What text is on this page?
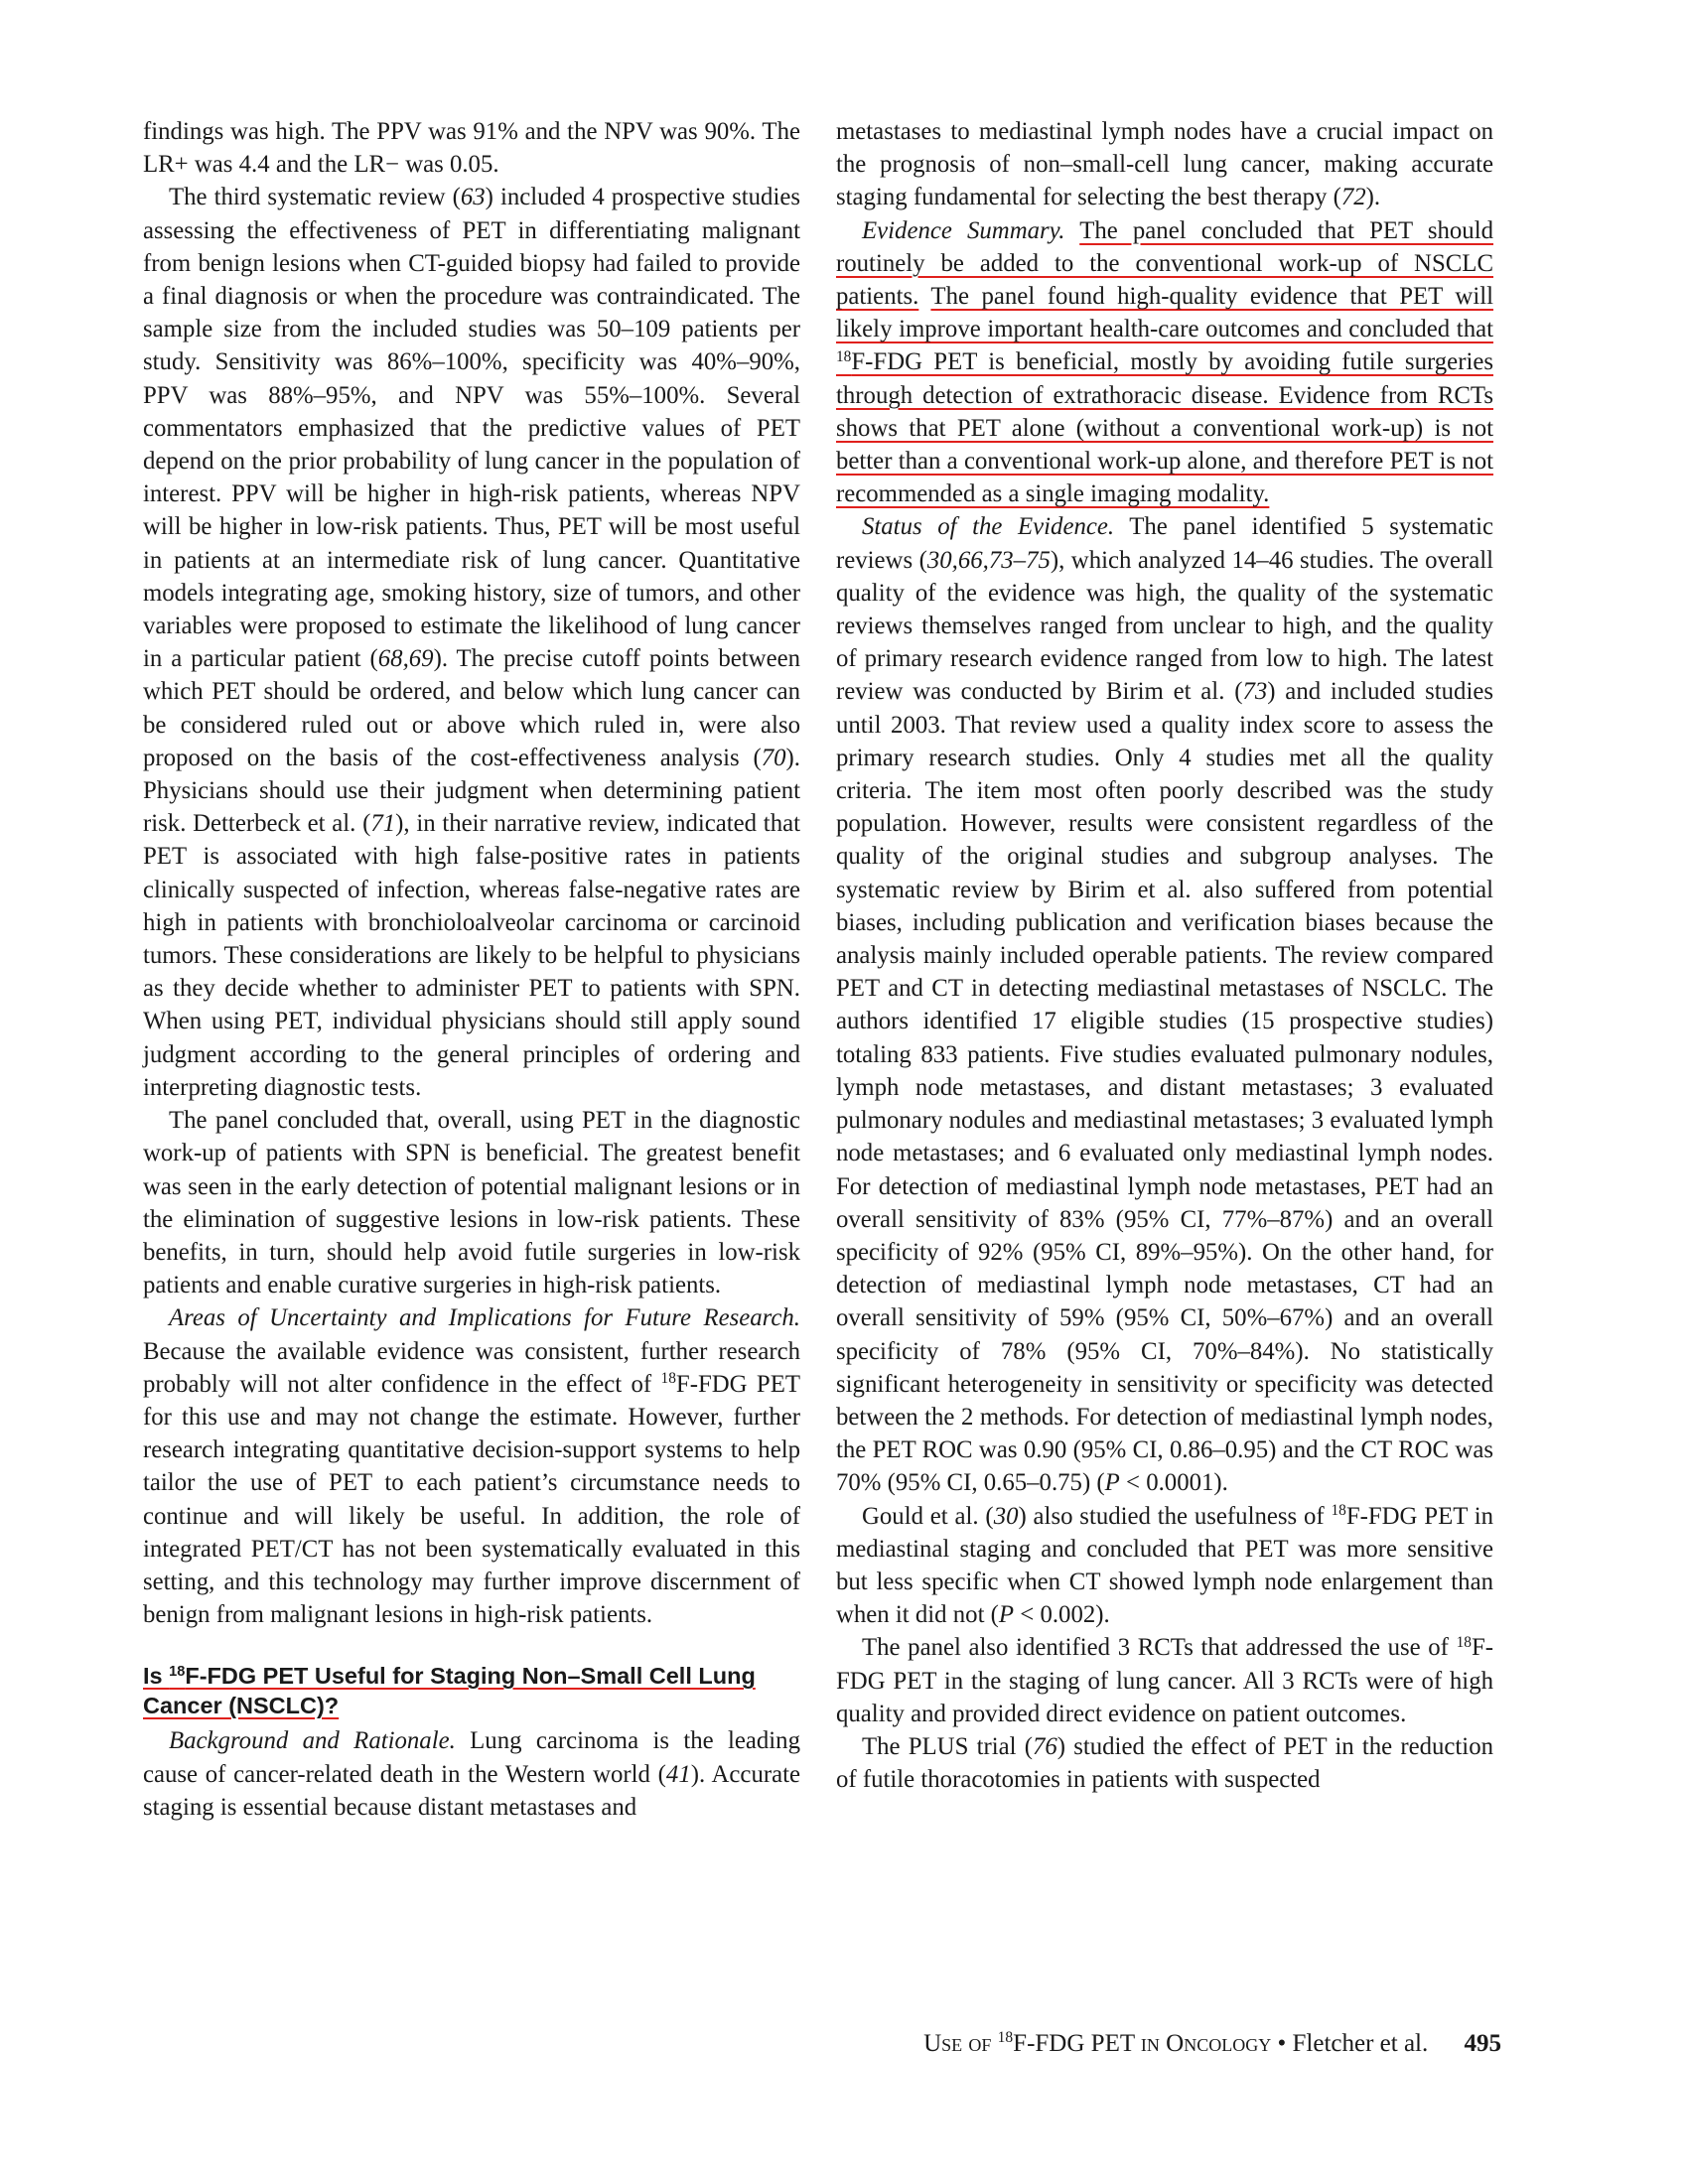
findings was high. The PPV was 91% and the NPV was 90%. The LR+ was 4.4 and the LR− was 0.05.

The third systematic review (63) included 4 prospective studies assessing the effectiveness of PET in differentiating malignant from benign lesions when CT-guided biopsy had failed to provide a final diagnosis or when the procedure was contraindicated. The sample size from the included studies was 50–109 patients per study. Sensitivity was 86%–100%, specificity was 40%–90%, PPV was 88%–95%, and NPV was 55%–100%. Several commentators emphasized that the predictive values of PET depend on the prior probability of lung cancer in the population of interest. PPV will be higher in high-risk patients, whereas NPV will be higher in low-risk patients. Thus, PET will be most useful in patients at an intermediate risk of lung cancer. Quantitative models integrating age, smoking history, size of tumors, and other variables were proposed to estimate the likelihood of lung cancer in a particular patient (68,69). The precise cutoff points between which PET should be ordered, and below which lung cancer can be considered ruled out or above which ruled in, were also proposed on the basis of the cost-effectiveness analysis (70). Physicians should use their judgment when determining patient risk. Detterbeck et al. (71), in their narrative review, indicated that PET is associated with high false-positive rates in patients clinically suspected of infection, whereas false-negative rates are high in patients with bronchioloalveolar carcinoma or carcinoid tumors. These considerations are likely to be helpful to physicians as they decide whether to administer PET to patients with SPN. When using PET, individual physicians should still apply sound judgment according to the general principles of ordering and interpreting diagnostic tests.

The panel concluded that, overall, using PET in the diagnostic work-up of patients with SPN is beneficial. The greatest benefit was seen in the early detection of potential malignant lesions or in the elimination of suggestive lesions in low-risk patients. These benefits, in turn, should help avoid futile surgeries in low-risk patients and enable curative surgeries in high-risk patients.

Areas of Uncertainty and Implications for Future Research. Because the available evidence was consistent, further research probably will not alter confidence in the effect of $^{18}$F-FDG PET for this use and may not change the estimate. However, further research integrating quantitative decision-support systems to help tailor the use of PET to each patient’s circumstance needs to continue and will likely be useful. In addition, the role of integrated PET/CT has not been systematically evaluated in this setting, and this technology may further improve discernment of benign from malignant lesions in high-risk patients.

Is $^{18}$F-FDG PET Useful for Staging Non–Small Cell Lung Cancer (NSCLC)?

Background and Rationale. Lung carcinoma is the leading cause of cancer-related death in the Western world (41). Accurate staging is essential because distant metastases and

metastases to mediastinal lymph nodes have a crucial impact on the prognosis of non–small-cell lung cancer, making accurate staging fundamental for selecting the best therapy (72).

Evidence Summary. The panel concluded that PET should routinely be added to the conventional work-up of NSCLC patients. The panel found high-quality evidence that PET will likely improve important health-care outcomes and concluded that $^{18}$F-FDG PET is beneficial, mostly by avoiding futile surgeries through detection of extrathoracic disease. Evidence from RCTs shows that PET alone (without a conventional work-up) is not better than a conventional work-up alone, and therefore PET is not recommended as a single imaging modality.

Status of the Evidence. The panel identified 5 systematic reviews (30,66,73–75), which analyzed 14–46 studies. The overall quality of the evidence was high, the quality of the systematic reviews themselves ranged from unclear to high, and the quality of primary research evidence ranged from low to high. The latest review was conducted by Birim et al. (73) and included studies until 2003. That review used a quality index score to assess the primary research studies. Only 4 studies met all the quality criteria. The item most often poorly described was the study population. However, results were consistent regardless of the quality of the original studies and subgroup analyses. The systematic review by Birim et al. also suffered from potential biases, including publication and verification biases because the analysis mainly included operable patients. The review compared PET and CT in detecting mediastinal metastases of NSCLC. The authors identified 17 eligible studies (15 prospective studies) totaling 833 patients. Five studies evaluated pulmonary nodules, lymph node metastases, and distant metastases; 3 evaluated pulmonary nodules and mediastinal metastases; 3 evaluated lymph node metastases; and 6 evaluated only mediastinal lymph nodes. For detection of mediastinal lymph node metastases, PET had an overall sensitivity of 83% (95% CI, 77%–87%) and an overall specificity of 92% (95% CI, 89%–95%). On the other hand, for detection of mediastinal lymph node metastases, CT had an overall sensitivity of 59% (95% CI, 50%–67%) and an overall specificity of 78% (95% CI, 70%–84%). No statistically significant heterogeneity in sensitivity or specificity was detected between the 2 methods. For detection of mediastinal lymph nodes, the PET ROC was 0.90 (95% CI, 0.86–0.95) and the CT ROC was 70% (95% CI, 0.65–0.75) (P < 0.0001).

Gould et al. (30) also studied the usefulness of $^{18}$F-FDG PET in mediastinal staging and concluded that PET was more sensitive but less specific when CT showed lymph node enlargement than when it did not (P < 0.002).

The panel also identified 3 RCTs that addressed the use of $^{18}$F-FDG PET in the staging of lung cancer. All 3 RCTs were of high quality and provided direct evidence on patient outcomes.

The PLUS trial (76) studied the effect of PET in the reduction of futile thoracotomies in patients with suspected

Use of $^{18}$F-FDG PET in Oncology • Fletcher et al. 495
